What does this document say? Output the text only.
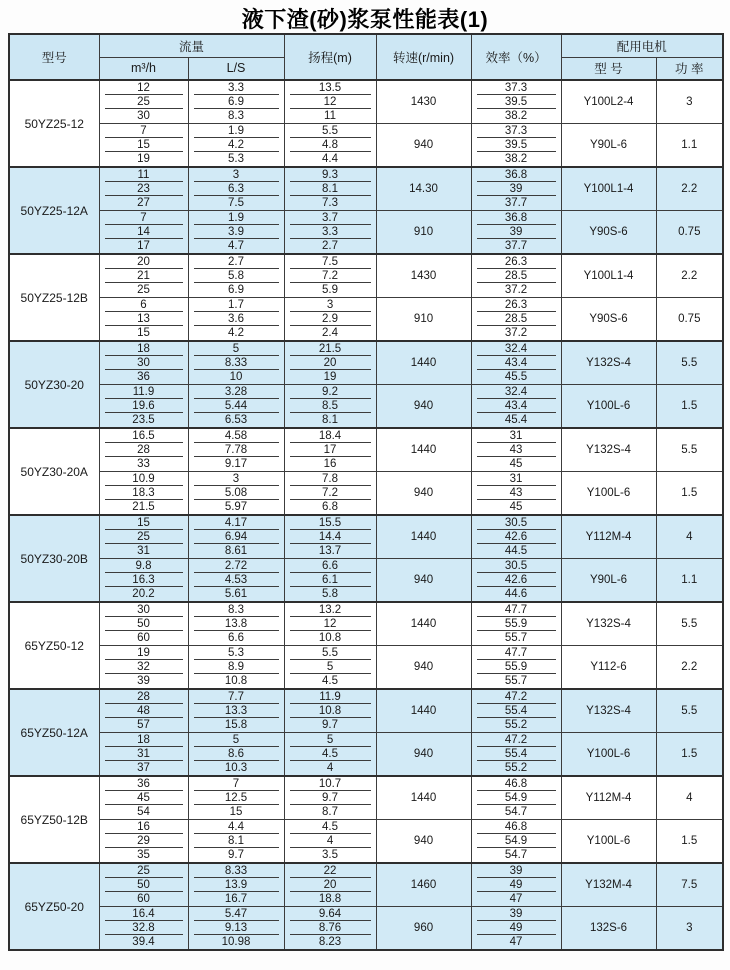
液下渣(砂)浆泵性能表(1)
型号	流量		扬程(m)	转速(r/min)	效率（%）	配用电机	
	m³/h	L/S				型 号	功 率
50YZ25-12	12	3.3	13.5	1430	37.3	Y100L2-4	3
	25	6.9	12		39.5		
	30	8.3	11		38.2		
	7	1.9	5.5	940	37.3	Y90L-6	1.1
	15	4.2	4.8		39.5		
	19	5.3	4.4		38.2		
50YZ25-12A	11	3	9.3	14.30	36.8	Y100L1-4	2.2
	23	6.3	8.1		39		
	27	7.5	7.3		37.7		
	7	1.9	3.7	910	36.8	Y90S-6	0.75
	14	3.9	3.3		39		
	17	4.7	2.7		37.7		
50YZ25-12B	20	2.7	7.5	1430	26.3	Y100L1-4	2.2
	21	5.8	7.2		28.5		
	25	6.9	5.9		37.2		
	6	1.7	3	910	26.3	Y90S-6	0.75
	13	3.6	2.9		28.5		
	15	4.2	2.4		37.2		
50YZ30-20	18	5	21.5	1440	32.4	Y132S-4	5.5
	30	8.33	20		43.4		
	36	10	19		45.5		
	11.9	3.28	9.2	940	32.4	Y100L-6	1.5
	19.6	5.44	8.5		43.4		
	23.5	6.53	8.1		45.4		
50YZ30-20A	16.5	4.58	18.4	1440	31	Y132S-4	5.5
	28	7.78	17		43		
	33	9.17	16		45		
	10.9	3	7.8	940	31	Y100L-6	1.5
	18.3	5.08	7.2		43		
	21.5	5.97	6.8		45		
50YZ30-20B	15	4.17	15.5	1440	30.5	Y112M-4	4
	25	6.94	14.4		42.6		
	31	8.61	13.7		44.5		
	9.8	2.72	6.6	940	30.5	Y90L-6	1.1
	16.3	4.53	6.1		42.6		
	20.2	5.61	5.8		44.6		
65YZ50-12	30	8.3	13.2	1440	47.7	Y132S-4	5.5
	50	13.8	12		55.9		
	60	6.6	10.8		55.7		
	19	5.3	5.5	940	47.7	Y112-6	2.2
	32	8.9	5		55.9		
	39	10.8	4.5		55.7		
65YZ50-12A	28	7.7	11.9	1440	47.2	Y132S-4	5.5
	48	13.3	10.8		55.4		
	57	15.8	9.7		55.2		
	18	5	5	940	47.2	Y100L-6	1.5
	31	8.6	4.5		55.4		
	37	10.3	4		55.2		
65YZ50-12B	36	7	10.7	1440	46.8	Y112M-4	4
	45	12.5	9.7		54.9		
	54	15	8.7		54.7		
	16	4.4	4.5	940	46.8	Y100L-6	1.5
	29	8.1	4		54.9		
	35	9.7	3.5		54.7		
65YZ50-20	25	8.33	22	1460	39	Y132M-4	7.5
	50	13.9	20		49		
	60	16.7	18.8		47		
	16.4	5.47	9.64	960	39	132S-6	3
	32.8	9.13	8.76		49		
	39.4	10.98	8.23		47		
